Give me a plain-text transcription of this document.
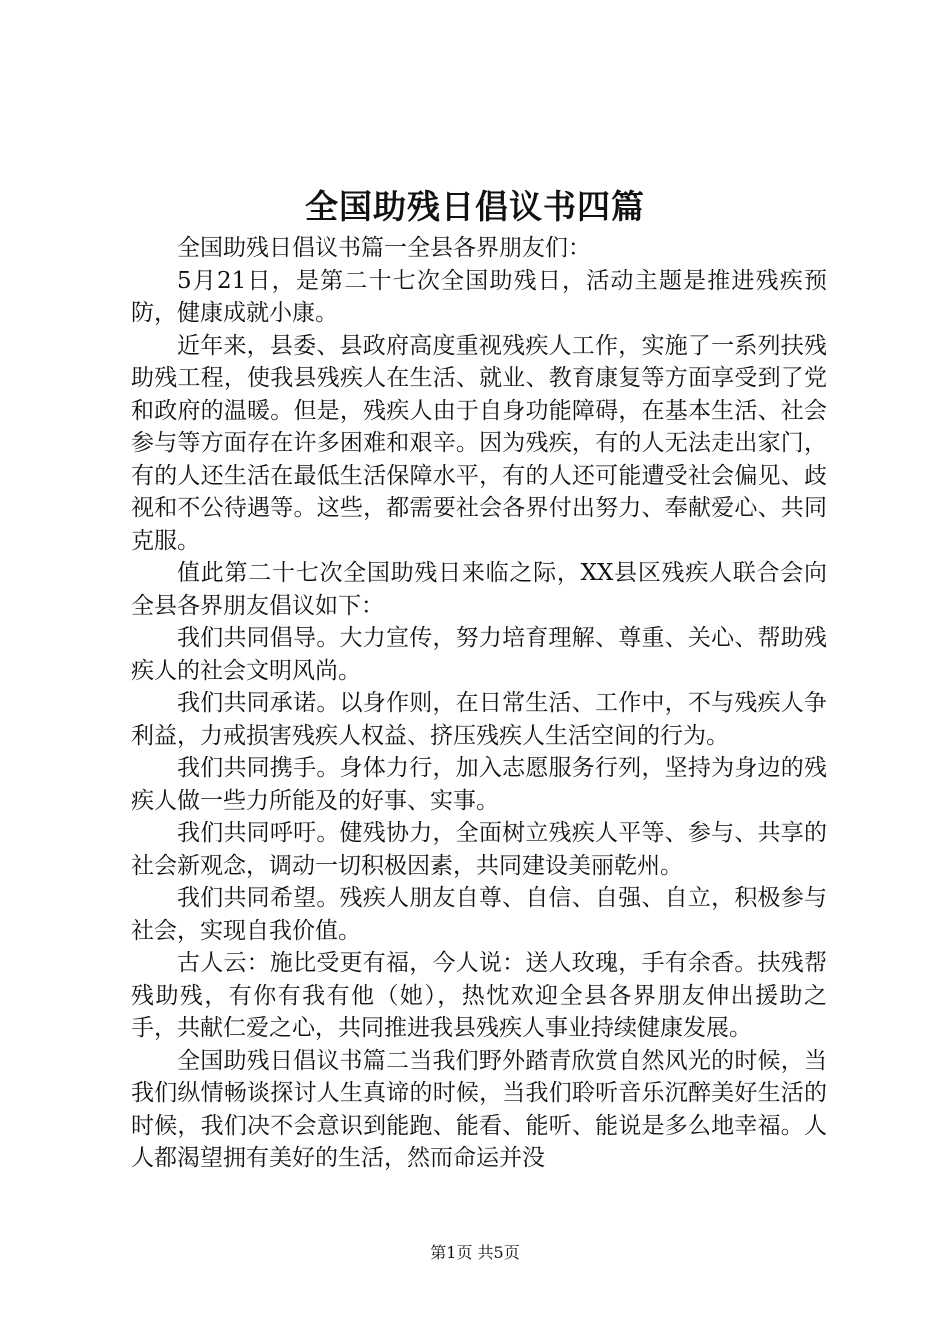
全国助残日倡议书四篇

全国助残日倡议书篇一全县各界朋友们：

5月21日，是第二十七次全国助残日，活动主题是推进残疾预防，健康成就小康。

近年来，县委、县政府高度重视残疾人工作，实施了一系列扶残助残工程，使我县残疾人在生活、就业、教育康复等方面享受到了党和政府的温暖。但是，残疾人由于自身功能障碍，在基本生活、社会参与等方面存在许多困难和艰辛。因为残疾，有的人无法走出家门，有的人还生活在最低生活保障水平，有的人还可能遭受社会偏见、歧视和不公待遇等。这些，都需要社会各界付出努力、奉献爱心、共同克服。

值此第二十七次全国助残日来临之际，XX县区残疾人联合会向全县各界朋友倡议如下：

我们共同倡导。大力宣传，努力培育理解、尊重、关心、帮助残疾人的社会文明风尚。

我们共同承诺。以身作则，在日常生活、工作中，不与残疾人争利益，力戒损害残疾人权益、挤压残疾人生活空间的行为。

我们共同携手。身体力行，加入志愿服务行列，坚持为身边的残疾人做一些力所能及的好事、实事。

我们共同呼吁。健残协力，全面树立残疾人平等、参与、共享的社会新观念，调动一切积极因素，共同建设美丽乾州。

我们共同希望。残疾人朋友自尊、自信、自强、自立，积极参与社会，实现自我价值。

古人云：施比受更有福，今人说：送人玫瑰，手有余香。扶残帮残助残，有你有我有他（她），热忱欢迎全县各界朋友伸出援助之手，共献仁爱之心，共同推进我县残疾人事业持续健康发展。

全国助残日倡议书篇二当我们野外踏青欣赏自然风光的时候，当我们纵情畅谈探讨人生真谛的时候，当我们聆听音乐沉醉美好生活的时候，我们决不会意识到能跑、能看、能听、能说是多么地幸福。人人都渴望拥有美好的生活，然而命运并没

第1页 共5页
